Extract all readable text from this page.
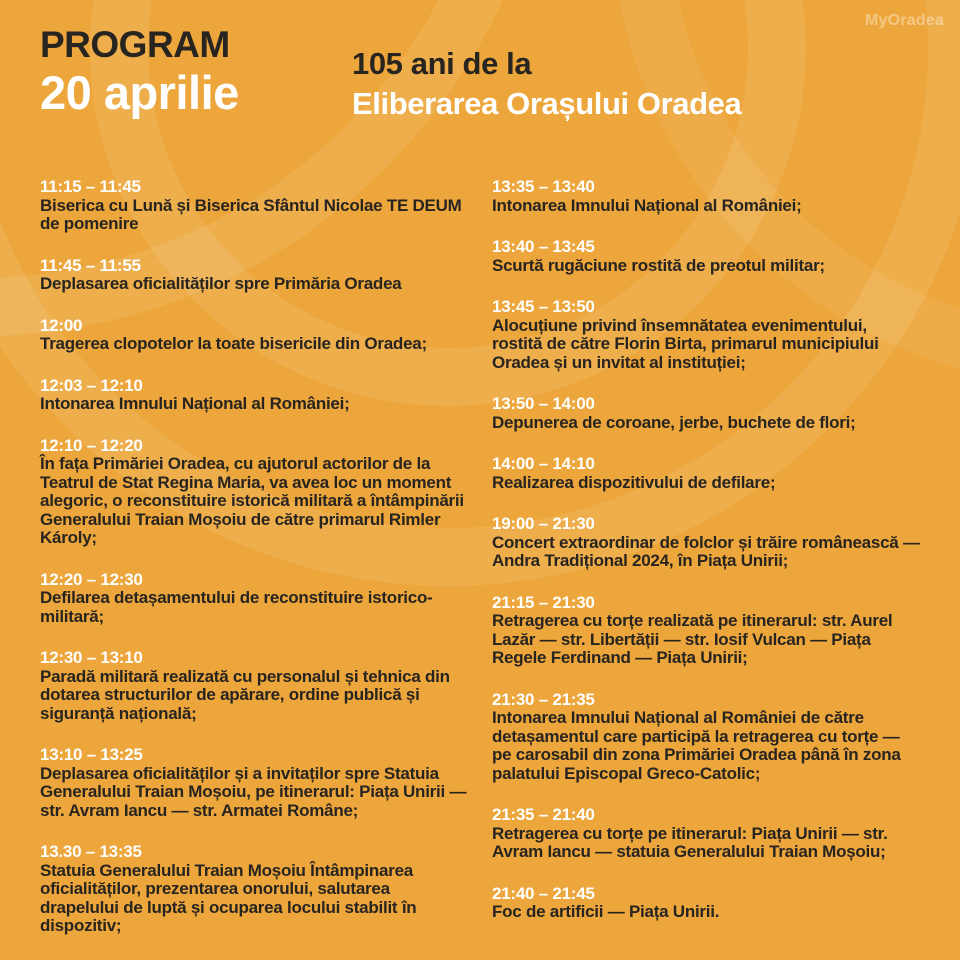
MyOradea
PROGRAM
20 aprilie
105 ani de la
Eliberarea Orașului Oradea
11:15 – 11:45
Biserica cu Lună și Biserica Sfântul Nicolae TE DEUM de pomenire
11:45 – 11:55
Deplasarea oficialităților spre Primăria Oradea
12:00
Tragerea clopotelor la toate bisericile din Oradea;
12:03 – 12:10
Intonarea Imnului Național al României;
12:10 – 12:20
În fața Primăriei Oradea, cu ajutorul actorilor de la Teatrul de Stat Regina Maria, va avea loc un moment alegoric, o reconstituire istorică militară a întâmpinării Generalului Traian Moșoiu de către primarul Rimler Károly;
12:20 – 12:30
Defilarea detașamentului de reconstituire istorico-militară;
12:30 – 13:10
Paradă militară realizată cu personalul și tehnica din dotarea structurilor de apărare, ordine publică și siguranță națională;
13:10 – 13:25
Deplasarea oficialităților și a invitaților spre Statuia Generalului Traian Moșoiu, pe itinerarul: Piața Unirii — str. Avram Iancu — str. Armatei Române;
13.30 – 13:35
Statuia Generalului Traian Moșoiu Întâmpinarea oficialităților, prezentarea onorului, salutarea drapelului de luptă și ocuparea locului stabilit în dispozitiv;
13:35 – 13:40
Intonarea Imnului Național al României;
13:40 – 13:45
Scurtă rugăciune rostită de preotul militar;
13:45 – 13:50
Alocuțiune privind însemnătatea evenimentului, rostită de către Florin Birta, primarul municipiului Oradea și un invitat al instituției;
13:50 – 14:00
Depunerea de coroane, jerbe, buchete de flori;
14:00 – 14:10
Realizarea dispozitivului de defilare;
19:00 – 21:30
Concert extraordinar de folclor și trăire românească — Andra Tradițional 2024, în Piața Unirii;
21:15 – 21:30
Retragerea cu torțe realizată pe itinerarul: str. Aurel Lazăr — str. Libertății — str. Iosif Vulcan — Piața Regele Ferdinand — Piața Unirii;
21:30 – 21:35
Intonarea Imnului Național al României de către detașamentul care participă la retragerea cu torțe — pe carosabil din zona Primăriei Oradea până în zona palatului Episcopal Greco-Catolic;
21:35 – 21:40
Retragerea cu torțe pe itinerarul: Piața Unirii — str. Avram Iancu — statuia Generalului Traian Moșoiu;
21:40 – 21:45
Foc de artificii — Piața Unirii.
